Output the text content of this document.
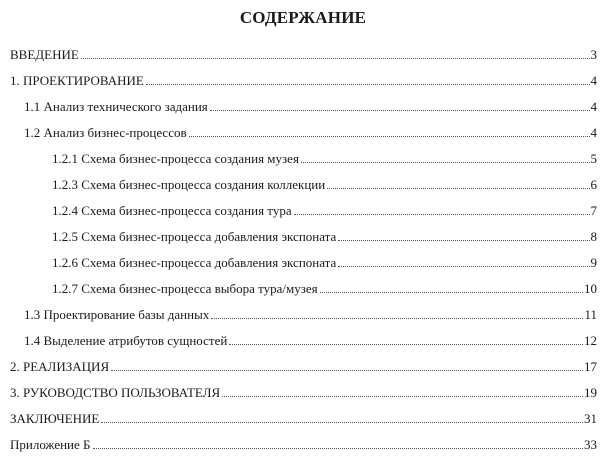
СОДЕРЖАНИЕ
ВВЕДЕНИЕ	3
1. ПРОЕКТИРОВАНИЕ	4
1.1 Анализ технического задания	4
1.2 Анализ бизнес-процессов	4
1.2.1 Схема бизнес-процесса создания музея	5
1.2.3 Схема бизнес-процесса создания коллекции	6
1.2.4 Схема бизнес-процесса создания тура	7
1.2.5 Схема бизнес-процесса добавления экспоната	8
1.2.6 Схема бизнес-процесса добавления экспоната	9
1.2.7 Схема бизнес-процесса выбора тура/музея	10
1.3 Проектирование базы данных	11
1.4 Выделение атрибутов сущностей	12
2. РЕАЛИЗАЦИЯ	17
3. РУКОВОДСТВО ПОЛЬЗОВАТЕЛЯ	19
ЗАКЛЮЧЕНИЕ	31
Приложение Б	33
